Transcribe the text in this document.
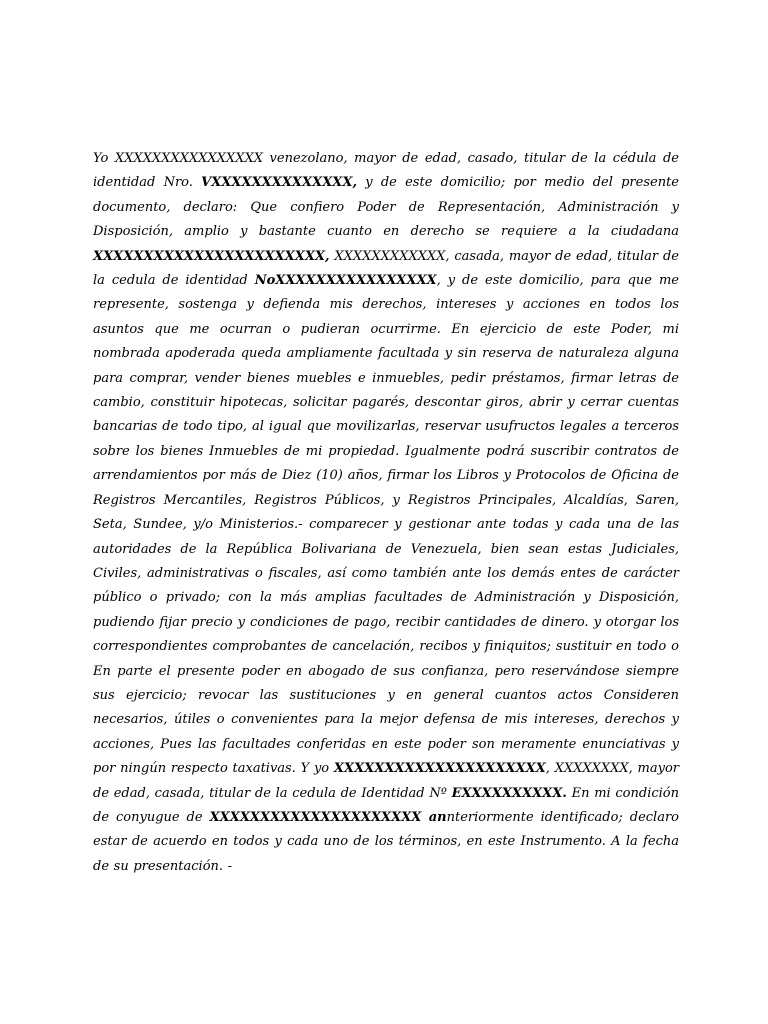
Yo XXXXXXXXXXXXXXXX venezolano, mayor de edad, casado, titular de la cédula de identidad Nro. VXXXXXXXXXXXXXX, y de este domicilio; por medio del presente documento, declaro: Que confiero Poder de Representación, Administración y Disposición, amplio y bastante cuanto en derecho se requiere a la ciudadana XXXXXXXXXXXXXXXXXXXXXXX, XXXXXXXXXXXX, casada, mayor de edad, titular de la cedula de identidad NoXXXXXXXXXXXXXXXX, y de este domicilio, para que me represente, sostenga y defienda mis derechos, intereses y acciones en todos los asuntos que me ocurran o pudieran ocurrirme. En ejercicio de este Poder, mi nombrada apoderada queda ampliamente facultada y sin reserva de naturaleza alguna para comprar, vender bienes muebles e inmuebles, pedir préstamos, firmar letras de cambio, constituir hipotecas, solicitar pagarés, descontar giros, abrir y cerrar cuentas bancarias de todo tipo, al igual que movilizarlas, reservar usufructos legales a terceros sobre los bienes Inmuebles de mi propiedad. Igualmente podrá suscribir contratos de arrendamientos por más de Diez (10) años, firmar los Libros y Protocolos de Oficina de Registros Mercantiles, Registros Públicos, y Registros Principales, Alcaldías, Saren, Seta, Sundee, y/o Ministerios.- comparecer y gestionar ante todas y cada una de las autoridades de la República Bolivariana de Venezuela, bien sean estas Judiciales, Civiles, administrativas o fiscales, así como también ante los demás entes de carácter público o privado; con la más amplias facultades de Administración y Disposición, pudiendo fijar precio y condiciones de pago, recibir cantidades de dinero. y otorgar los correspondientes comprobantes de cancelación, recibos y finiquitos; sustituir en todo o En parte el presente poder en abogado de sus confianza, pero reservándose siempre sus ejercicio; revocar las sustituciones y en general cuantos actos Consideren necesarios, útiles o convenientes para la mejor defensa de mis intereses, derechos y acciones, Pues las facultades conferidas en este poder son meramente enunciativas y por ningún respecto taxativas. Y yo XXXXXXXXXXXXXXXXXXXXX, XXXXXXXX, mayor de edad, casada, titular de la cedula de Identidad Nº EXXXXXXXXXX. En mi condición de conyugue de XXXXXXXXXXXXXXXXXXXXX annteriormente identificado; declaro estar de acuerdo en todos y cada uno de los términos, en este Instrumento. A la fecha de su presentación. -
